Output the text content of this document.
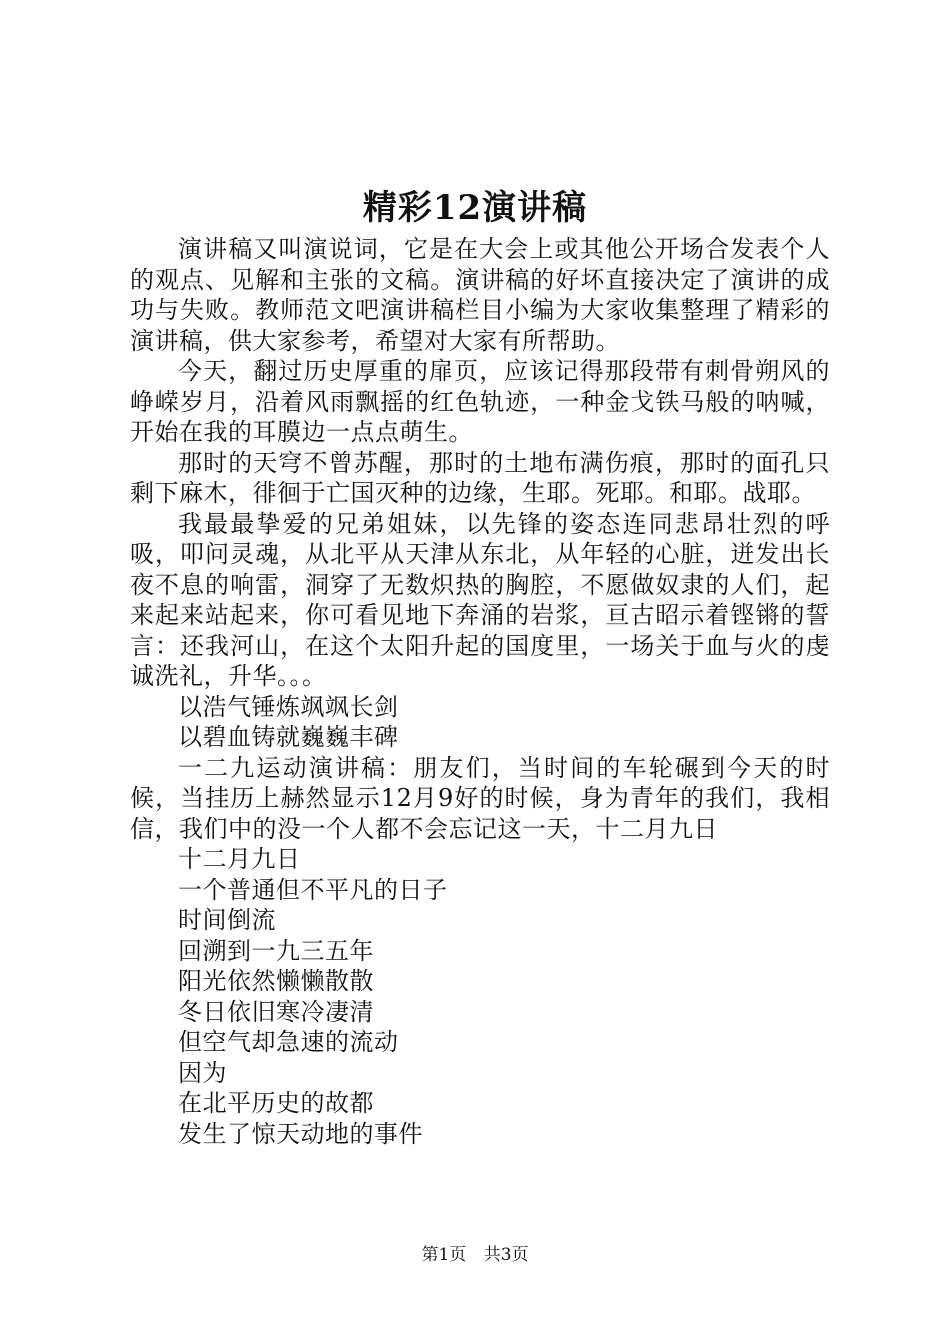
精彩12演讲稿

演讲稿又叫演说词，它是在大会上或其他公开场合发表个人的观点、见解和主张的文稿。演讲稿的好坏直接决定了演讲的成功与失败。教师范文吧演讲稿栏目小编为大家收集整理了精彩的演讲稿，供大家参考，希望对大家有所帮助。

今天，翻过历史厚重的扉页，应该记得那段带有刺骨朔风的峥嵘岁月，沿着风雨飘摇的红色轨迹，一种金戈铁马般的呐喊，开始在我的耳膜边一点点萌生。

那时的天穹不曾苏醒，那时的土地布满伤痕，那时的面孔只剩下麻木，徘徊于亡国灭种的边缘，生耶。死耶。和耶。战耶。

我最最挚爱的兄弟姐妹，以先锋的姿态连同悲昂壮烈的呼吸，叩问灵魂，从北平从天津从东北，从年轻的心脏，迸发出长夜不息的响雷，洞穿了无数炽热的胸腔，不愿做奴隶的人们，起来起来站起来，你可看见地下奔涌的岩浆，亘古昭示着铿锵的誓言：还我河山，在这个太阳升起的国度里，一场关于血与火的虔诚洗礼，升华。。。

以浩气锤炼飒飒长剑

以碧血铸就巍巍丰碑

一二九运动演讲稿：朋友们，当时间的车轮碾到今天的时候，当挂历上赫然显示12月9好的时候，身为青年的我们，我相信，我们中的没一个人都不会忘记这一天，十二月九日

十二月九日

一个普通但不平凡的日子

时间倒流

回溯到一九三五年

阳光依然懒懒散散

冬日依旧寒冷凄清

但空气却急速的流动

因为

在北平历史的故都

发生了惊天动地的事件

第1页 共3页
